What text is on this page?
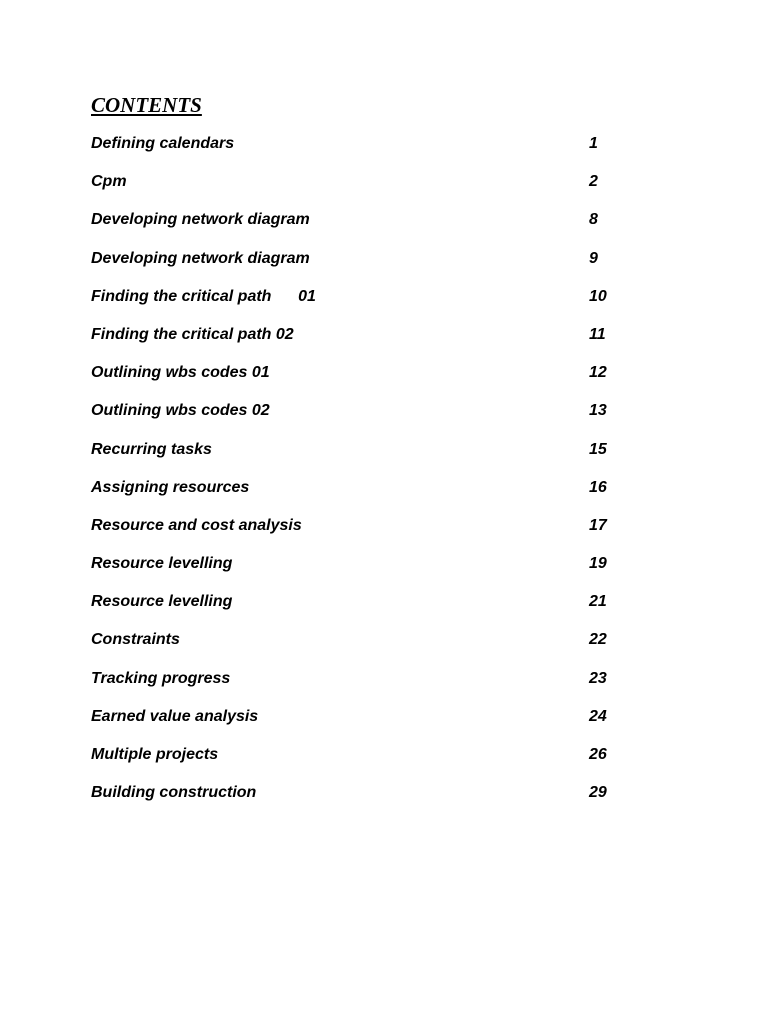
CONTENTS
Defining calendars	1
Cpm	2
Developing network diagram	8
Developing network diagram	9
Finding the critical path      01	10
Finding the critical path 02	11
Outlining wbs codes 01	12
Outlining wbs codes 02	13
Recurring tasks	15
Assigning resources	16
Resource and cost analysis	17
Resource levelling	19
Resource levelling	21
Constraints	22
Tracking progress	23
Earned value analysis	24
Multiple projects	26
Building construction	29
